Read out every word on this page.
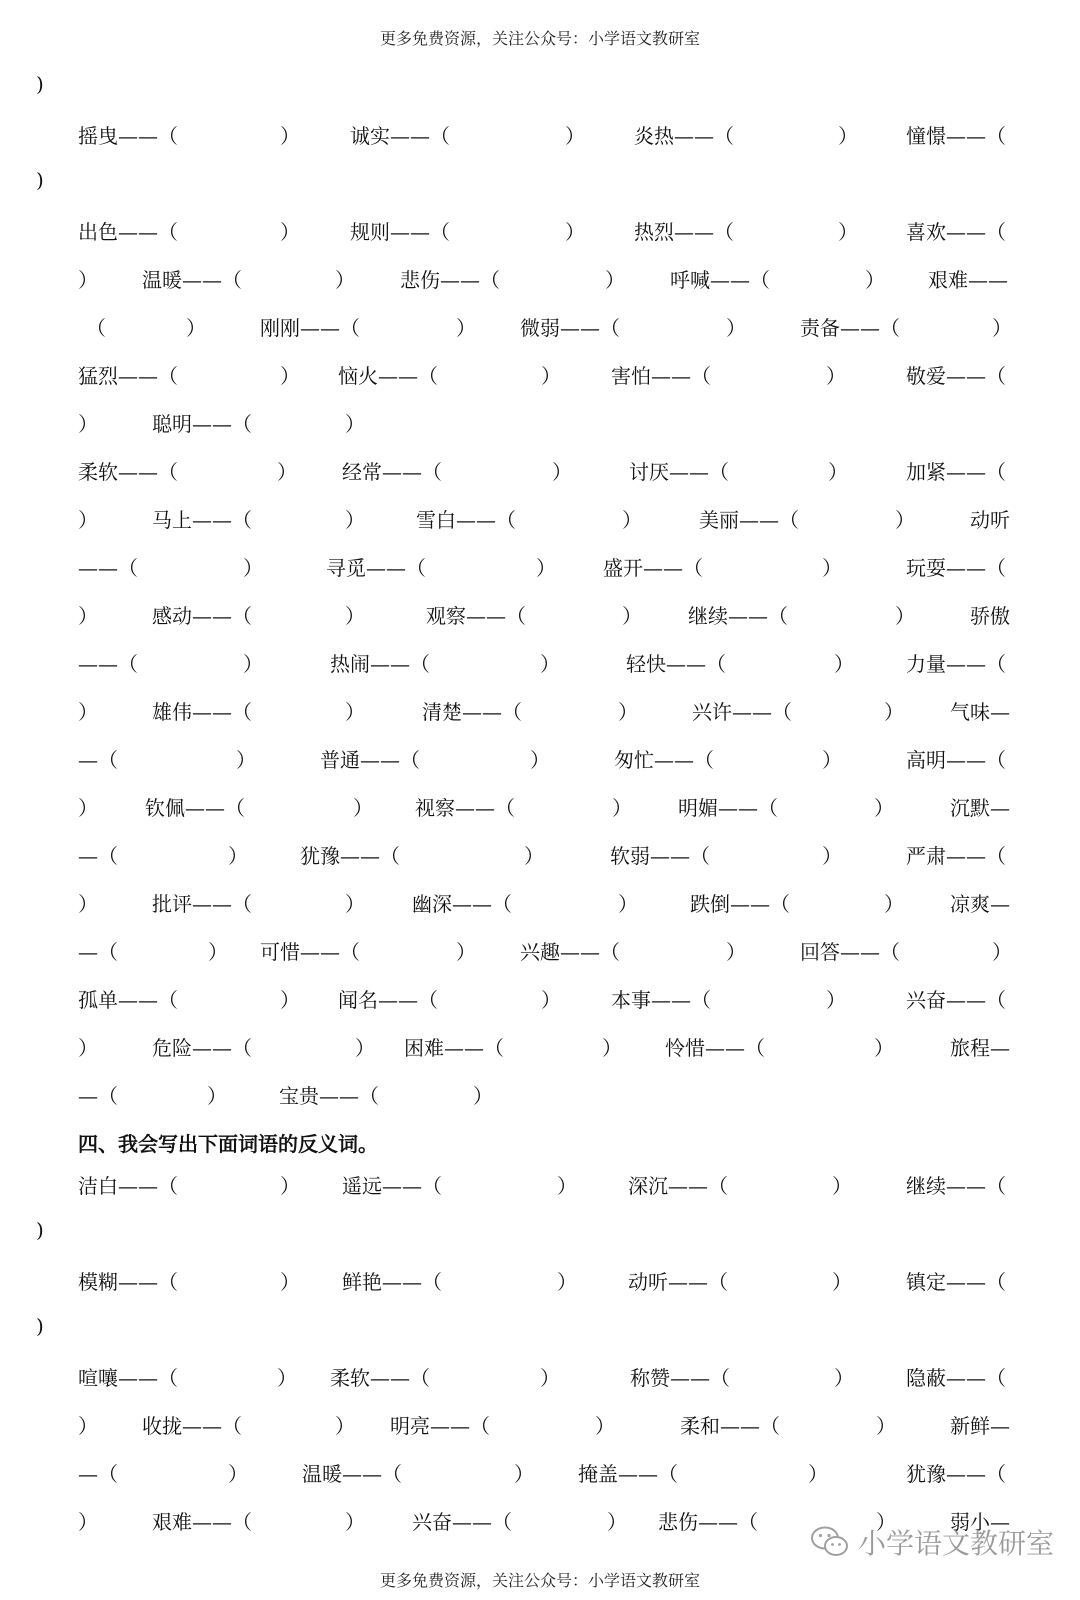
更多免费资源，关注公众号：小学语文教研室
)
摇曳——（	）	诚实——（	） 炎热——（	） 憧憬——（
)
出色——（	）	规则——（	） 热烈——（	） 喜欢——（
） 温暖——（	） 悲伤——（	） 呼喊——（	） 艰难——
（	）	刚刚——（	） 微弱——（	）	责备——（	）
猛烈——（	） 恼火——（	）	害怕——（	）	敬爱——（
）	聪明——（	）
柔软——（	） 经常——（	）	讨厌——（	）	加紧——（
）	马上——（	）	雪白——（	）	美丽——（	）	动听
——（	）	寻觅——（	） 盛开——（	）	玩耍——（
）	感动——（	）	观察——（	） 继续——（	）	骄傲
——（	）	热闹——（	）	轻快——（	）	力量——（
）	雄伟——（	）	清楚——（	）	兴许——（	） 气味—
—（	）	普通——（	）	匆忙——（	）	高明——（
） 钦佩——（	） 视察——（	） 明媚——（	）	沉默—
—（	）	犹豫——（	）	软弱——（	）	严肃——（
）	批评——（	） 幽深——（	）	跌倒——（	） 凉爽—
—（	） 可惜——（	） 兴趣——（	）	回答——（	）
孤单——（	） 闻名——（	）	本事——（	）	兴奋——（
）	危险——（	） 困难——（	） 怜惜——（	）	旅程—
—（	）	宝贵——（	）
四、我会写出下面词语的反义词。
洁白——（	） 遥远——（	）	深沉——（	）	继续——（
)
模糊——（	） 鲜艳——（	）	动听——（	）	镇定——（
)
喧嚷——（	） 柔软——（	）	称赞——（	）	隐蔽——（
） 收拢——（	） 明亮——（	）	柔和——（	）	新鲜—
—（	）	温暖——（	） 掩盖——（	）	犹豫——（
）	艰难——（	） 兴奋——（	） 悲伤——（	）	弱小—
小学语文教研室
更多免费资源，关注公众号：小学语文教研室
